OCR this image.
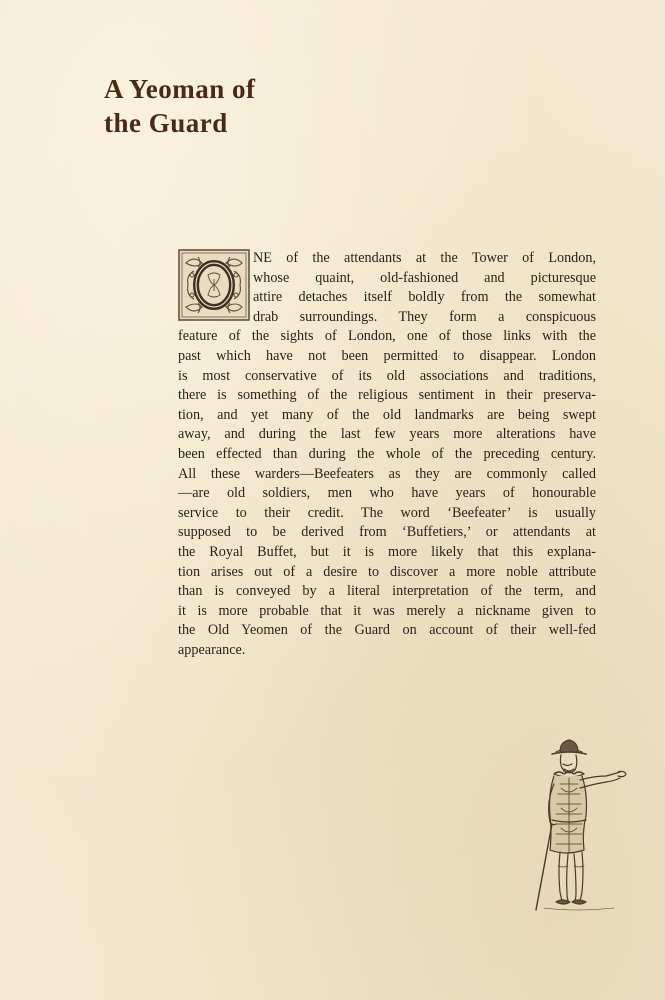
A Yeoman of
the Guard
NE of the attendants at the Tower of London,
whose quaint, old-fashioned and picturesque
attire detaches itself boldly from the somewhat
drab surroundings. They form a conspicuous
feature of the sights of London, one of those links with the
past which have not been permitted to disappear. London
is most conservative of its old associations and traditions,
there is something of the religious sentiment in their preserva-
tion, and yet many of the old landmarks are being swept
away, and during the last few years more alterations have
been effected than during the whole of the preceding century.
All these warders—Beefeaters as they are commonly called
—are old soldiers, men who have years of honourable
service to their credit. The word ‘Beefeater’ is usually
supposed to be derived from ‘Buffetiers,’ or attendants at
the Royal Buffet, but it is more likely that this explana-
tion arises out of a desire to discover a more noble attribute
than is conveyed by a literal interpretation of the term, and
it is more probable that it was merely a nickname given to
the Old Yeomen of the Guard on account of their well-fed
appearance.
